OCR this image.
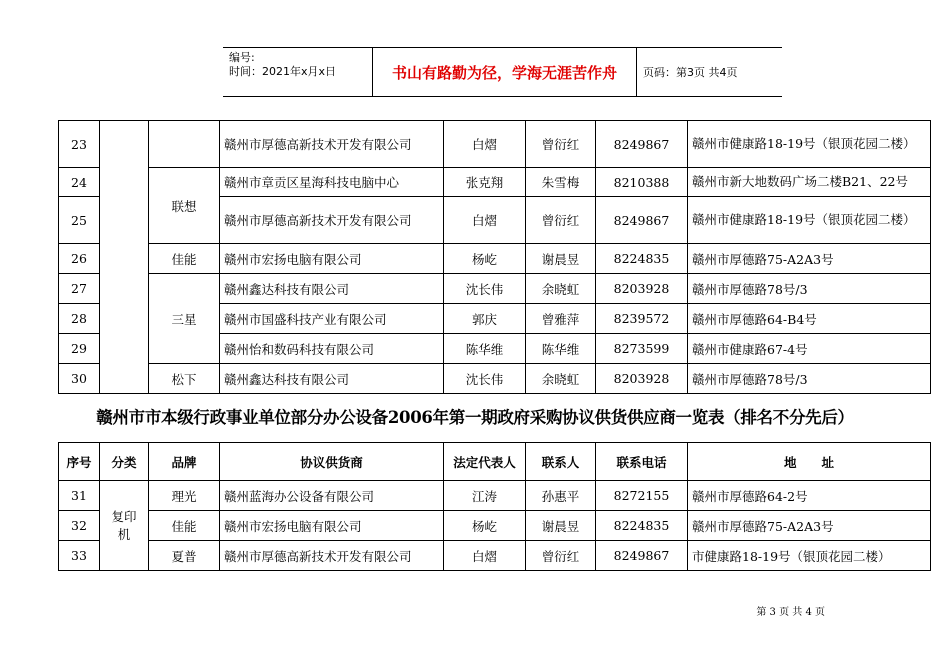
编号:
时间：2021年x月x日	书山有路勤为径，学海无涯苦作舟	页码：第3页 共4页
23			赣州市厚德高新技术开发有限公司	白熠	曾衍红	8249867	赣州市健康路18-19号（银顶花园二楼）
24		联想	赣州市章贡区星海科技电脑中心	张克翔	朱雪梅	8210388	赣州市新大地数码广场二楼B21、22号
25			赣州市厚德高新技术开发有限公司	白熠	曾衍红	8249867	赣州市健康路18-19号（银顶花园二楼）
26		佳能	赣州市宏扬电脑有限公司	杨屹	谢晨昱	8224835	赣州市厚德路75-A2A3号
27		三星	赣州鑫达科技有限公司	沈长伟	余晓虹	8203928	赣州市厚德路78号/3
28			赣州市国盛科技产业有限公司	郭庆	曾雅萍	8239572	赣州市厚德路64-B4号
29			赣州怡和数码科技有限公司	陈华维	陈华维	8273599	赣州市健康路67-4号
30		松下	赣州鑫达科技有限公司	沈长伟	余晓虹	8203928	赣州市厚德路78号/3
赣州市市本级行政事业单位部分办公设备2006年第一期政府采购协议供货供应商一览表（排名不分先后）
序号	分类	品牌	协议供货商	法定代表人	联系人	联系电话	地　　址
31	复印机	理光	赣州蓝海办公设备有限公司	江涛	孙惠平	8272155	赣州市厚德路64-2号
32		佳能	赣州市宏扬电脑有限公司	杨屹	谢晨昱	8224835	赣州市厚德路75-A2A3号
33		夏普	赣州市厚德高新技术开发有限公司	白熠	曾衍红	8249867	市健康路18-19号（银顶花园二楼）
第 3 页 共 4 页
